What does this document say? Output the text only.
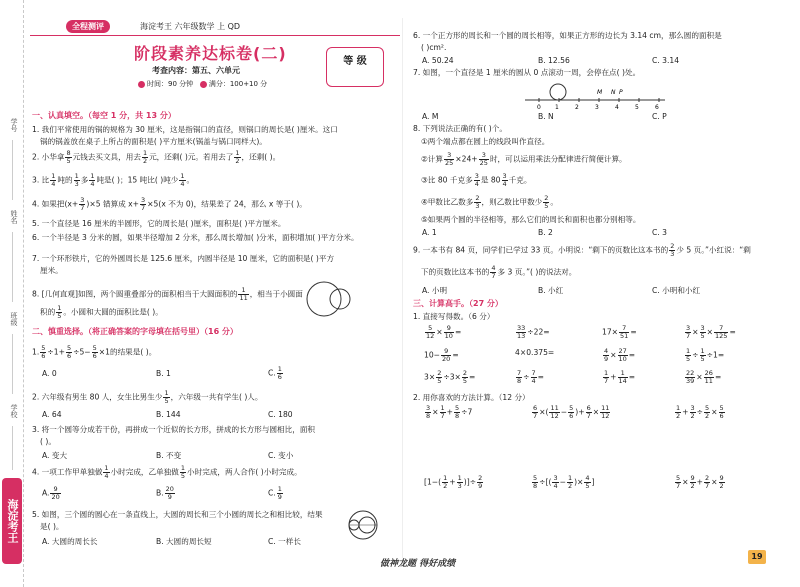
学号
姓名
班级
学校
海淀考王
全程测评	海淀考王 六年级数学 上 QD
阶段素养达标卷(二)
考查内容：第五、六单元
时间：90 分钟 满分：100+10 分
等 级
一、认真填空。（每空 1 分，共 13 分）
1. 我们平常使用的锅的规格为 30 厘米，这是指锅口的直径，则锅口的周长是( )厘米。这口
锅的锅盖放在桌子上所占的面积是( )平方厘米(锅盖与锅口同样大)。
2. 小华拿 $\frac{8}{5}$ 元钱去买文具，用去 $\frac{1}{2}$ 元，还剩( )元。若用去了 $\frac{1}{2}$ ，还剩( )。
3. 比 $\frac{1}{4}$ 吨的 $\frac{1}{3}$ 多 $\frac{1}{4}$ 吨是( )；15 吨比( )吨少 $\frac{1}{4}$ 。
4. 如果把$(x+ \frac{3}{7} )\times 5$ 错算成 $x+ \frac{3}{7} \times 5(x$ 不为 0)，结果差了 24，那么 x 等于( )。
5. 一个直径是 16 厘米的半圆形，它的周长是( )厘米，面积是( )平方厘米。
6. 一个半径是 3 分米的圆，如果半径增加 2 分米，那么周长增加( )分米，面积增加( )平方分米。
7. 一个环形铁片，它的外圆周长是 125.6 厘米，内圆半径是 10 厘米，它的面积是( )平方
厘米。
8. [几何直观]如图，两个圆重叠部分的面积相当于大圆面积的 $\frac{1}{11}$ ，相当于小圆面
积的 $\frac{1}{5}$ 。小圆和大圆的面积比是( )。
二、慎重选择。（将正确答案的字母填在括号里）（16 分）
1. $\frac{5}{6} \div 1+ \frac{5}{6} \div 5- \frac{5}{6} \times 1$的结果是( )。
A. 0	B. 1	C. $\frac{1}{6}$
2. 六年级有男生 80 人，女生比男生少 $\frac{1}{5}$ ，六年级一共有学生( )人。
A. 64	B. 144	C. 180
3. 将一个圆等分成若干份，再拼成一个近似的长方形，拼成的长方形与圆相比，面积
( )。
A. 变大	B. 不变	C. 变小
4. 一项工作甲单独做 $\frac{1}{4}$ 小时完成，乙单独做 $\frac{1}{5}$ 小时完成，两人合作( )小时完成。
A. $\frac{9}{20}$	B. $\frac{20}{9}$	C. $\frac{1}{9}$
5. 如图，三个圆的圆心在一条直线上，大圆的周长和三个小圆的周长之和相比较，结果
是( )。
A. 大圆的周长长	B. 大圆的周长短	C. 一样长
6. 一个正方形的周长和一个圆的周长相等，如果正方形的边长为 3.14 cm，那么圆的面积是
( )cm².
A. 50.24	B. 12.56	C. 3.14
7. 如图，一个直径是 1 厘米的圆从 0 点滚动一周，会停在点( )处。
M N P
0 1	2	3	4	5	6
A. M	B. N	C. P
8. 下列说法正确的有( )个。
①两个端点都在圆上的线段叫作直径。
②计算 $\frac{3}{25} \times 24+ \frac{3}{25}$ 时，可以运用乘法分配律进行简便计算。
③比 80 千克多 $\frac{3}{4}$ 是 $80 \frac{3}{4}$ 千克。
④甲数比乙数多 $\frac{2}{3}$ ，则乙数比甲数少 $\frac{2}{5}$ 。
⑤如果两个圆的半径相等，那么它们的周长和面积也都分别相等。
A. 1	B. 2	C. 3
9. 一本书有 84 页，同学们已学过 33 页。小明说：“剩下的页数比这本书的 $\frac{2}{3}$ 少 5 页。”小红说：“剩
下的页数比这本书的 $\frac{4}{7}$ 多 3 页。”( )的说法对。
A. 小明	B. 小红	C. 小明和小红
三、计算高手。（27 分）
1. 直接写得数。（6 分）
$\frac{5}{12} \times \frac{9}{10}$ =	$\frac{33}{13} \div 22=$	$17\times \frac{7}{51}$ =	$\frac{3}{7} \times \frac{3}{5} \times \frac{7}{125}$ =
$10- \frac{9}{20}$ =	4×0.375=	$\frac{4}{9} \times \frac{27}{10}$ =	$\frac{1}{5} \div \frac{1}{5} \div 1=$
$3\times \frac{2}{5} \div 3\times \frac{2}{5}$ =	$\frac{7}{8} \div \frac{7}{4}$ =	$\frac{1}{7} + \frac{1}{14}$ =	$\frac{22}{39} \times \frac{26}{11}$ =
2. 用你喜欢的方法计算。（12 分）
$\frac{3}{8} \times \frac{1}{7} + \frac{5}{8} \div 7$	$\frac{6}{7}$ ×( $\frac{11}{12} - \frac{5}{6}$ )+ $\frac{6}{7} \times \frac{11}{12}$	$\frac{1}{2} + \frac{3}{2} \div \frac{5}{2} \times \frac{5}{6}$
[$1-( \frac{1}{2} + \frac{1}{3}$ )]÷ $\frac{2}{9}$	$\frac{5}{8}$ ÷[( $\frac{3}{4} - \frac{1}{2}$ )× $\frac{4}{5}$ ]	$\frac{5}{7} \times \frac{9}{2} + \frac{2}{7} \times \frac{9}{2}$
做神龙题 得好成绩
19
